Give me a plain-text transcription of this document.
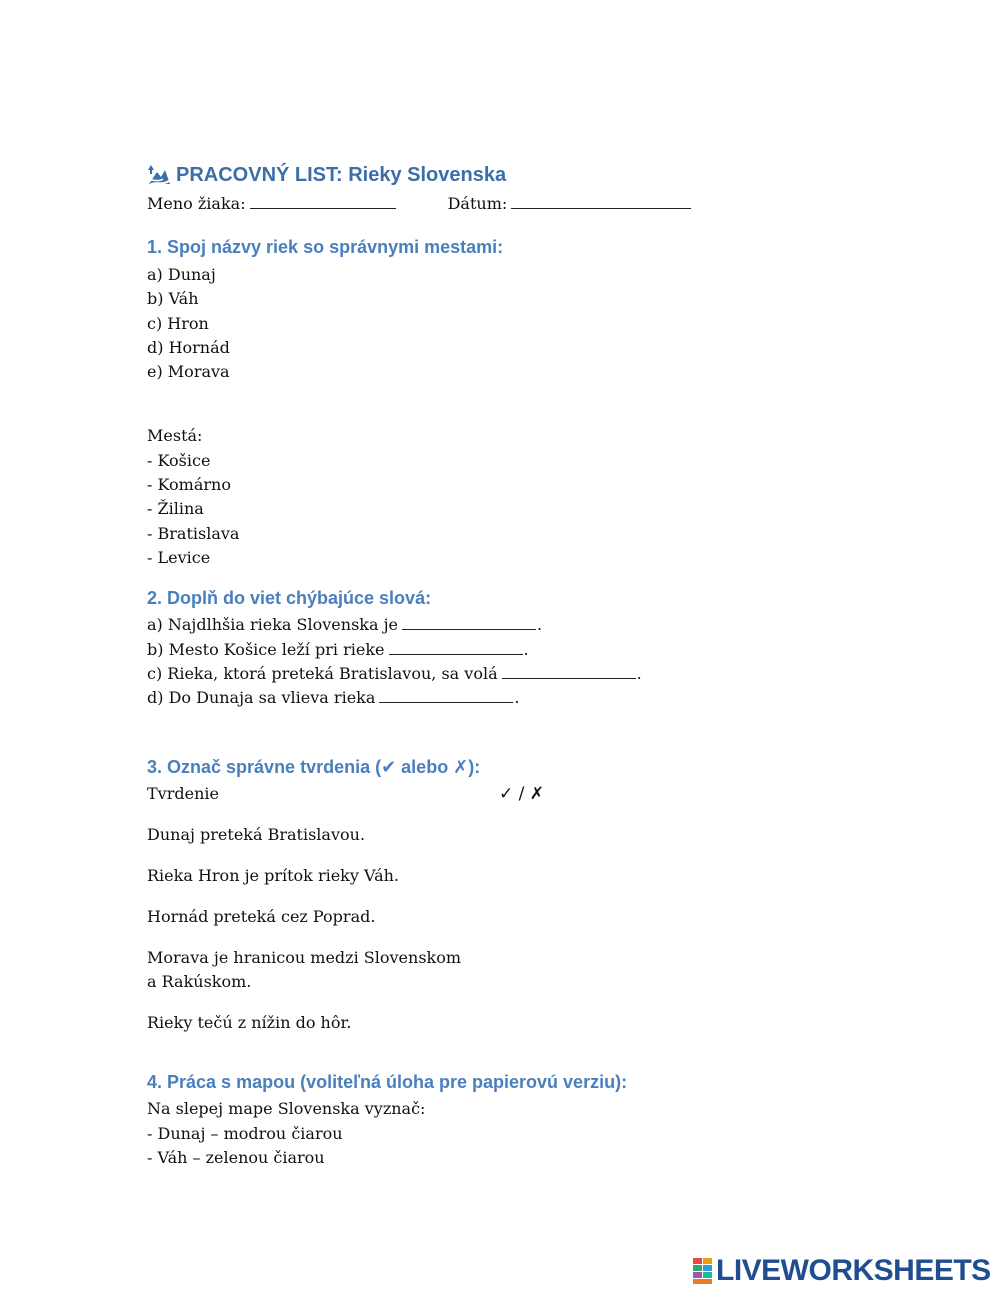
PRACOVNÝ LIST: Rieky Slovenska
Meno žiaka:	Dátum:
1. Spoj názvy riek so správnymi mestami:
a) Dunaj
b) Váh
c) Hron
d) Hornád
e) Morava
Mestá:
- Košice
- Komárno
- Žilina
- Bratislava
- Levice
2. Doplň do viet chýbajúce slová:
a) Najdlhšia rieka Slovenska je	.
b) Mesto Košice leží pri rieke	.
c) Rieka, ktorá preteká Bratislavou, sa volá	.
d) Do Dunaja sa vlieva rieka	.
3. Označ správne tvrdenia (✔ alebo ✗):
Tvrdenie	✓ / ✗
Dunaj preteká Bratislavou.
Rieka Hron je prítok rieky Váh.
Hornád preteká cez Poprad.
Morava je hranicou medzi Slovenskom a Rakúskom.
Rieky tečú z nížin do hôr.
4. Práca s mapou (voliteľná úloha pre papierovú verziu):
Na slepej mape Slovenska vyznač:
- Dunaj – modrou čiarou
- Váh – zelenou čiarou
LIVEWORKSHEETS
